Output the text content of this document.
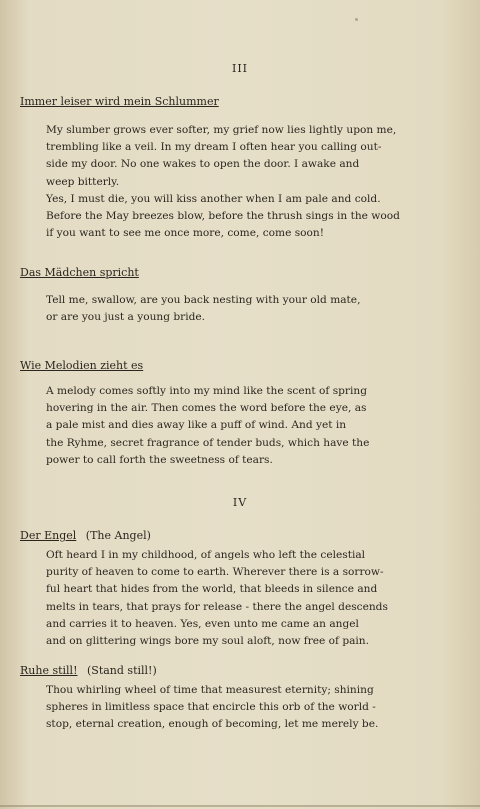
III
Immer leiser wird mein Schlummer
My slumber grows ever softer, my grief now lies lightly upon me,
trembling like a veil. In my dream I often hear you calling out-
side my door. No one wakes to open the door. I awake and
weep bitterly.
Yes, I must die, you will kiss another when I am pale and cold.
Before the May breezes blow, before the thrush sings in the wood
if you want to see me once more, come, come soon!
Das Mädchen spricht
Tell me, swallow, are you back nesting with your old mate,
or are you just a young bride.
Wie Melodien zieht es
A melody comes softly into my mind like the scent of spring
hovering in the air. Then comes the word before the eye, as
a pale mist and dies away like a puff of wind. And yet in
the Ryhme, secret fragrance of tender buds, which have the
power to call forth the sweetness of tears.
IV
Der Engel (The Angel)
Oft heard I in my childhood, of angels who left the celestial
purity of heaven to come to earth. Wherever there is a sorrow-
ful heart that hides from the world, that bleeds in silence and
melts in tears, that prays for release - there the angel descends
and carries it to heaven. Yes, even unto me came an angel
and on glittering wings bore my soul aloft, now free of pain.
Ruhe still! (Stand still!)
Thou whirling wheel of time that measurest eternity; shining
spheres in limitless space that encircle this orb of the world -
stop, eternal creation, enough of becoming, let me merely be.
